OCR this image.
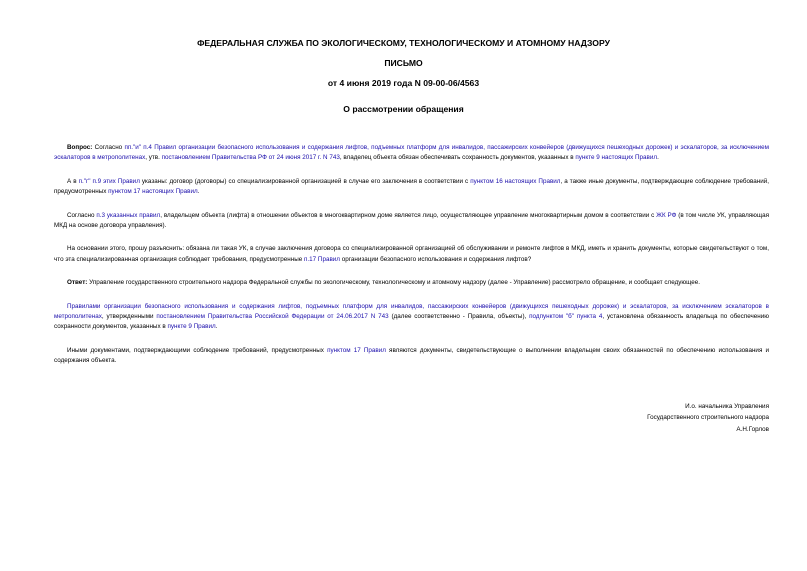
ФЕДЕРАЛЬНАЯ СЛУЖБА ПО ЭКОЛОГИЧЕСКОМУ, ТЕХНОЛОГИЧЕСКОМУ И АТОМНОМУ НАДЗОРУ

ПИСЬМО

от 4 июня 2019 года N 09-00-06/4563

О рассмотрении обращения

Вопрос: Согласно пп."и" п.4 Правил организации безопасного использования и содержания лифтов, подъемных платформ для инвалидов, пассажирских конвейеров (движущихся пешеходных дорожек) и эскалаторов, за исключением эскалаторов в метрополитенах, утв. постановлением Правительства РФ от 24 июня 2017 г. N 743, владелец объекта обязан обеспечивать сохранность документов, указанных в пункте 9 настоящих Правил.

А в п."г" п.9 этих Правил указаны: договор (договоры) со специализированной организацией в случае его заключения в соответствии с пунктом 16 настоящих Правил, а также иные документы, подтверждающие соблюдение требований, предусмотренных пунктом 17 настоящих Правил.

Согласно п.3 указанных правил, владельцем объекта (лифта) в отношении объектов в многоквартирном доме является лицо, осуществляющее управление многоквартирным домом в соответствии с ЖК РФ (в том числе УК, управляющая МКД на основе договора управления).

На основании этого, прошу разъяснить: обязана ли такая УК, в случае заключения договора со специализированной организацией об обслуживании и ремонте лифтов в МКД, иметь и хранить документы, которые свидетельствуют о том, что эта специализированная организация соблюдает требования, предусмотренные п.17 Правил организации безопасного использования и содержания лифтов?

Ответ: Управление государственного строительного надзора Федеральной службы по экологическому, технологическому и атомному надзору (далее - Управление) рассмотрело обращение, и сообщает следующее.

Правилами организации безопасного использования и содержания лифтов, подъемных платформ для инвалидов, пассажирских конвейеров (движущихся пешеходных дорожек) и эскалаторов, за исключением эскалаторов в метрополитенах, утвержденными постановлением Правительства Российской Федерации от 24.06.2017 N 743 (далее соответственно - Правила, объекты), подпунктом "б" пункта 4, установлена обязанность владельца по обеспечению сохранности документов, указанных в пункте 9 Правил.

Иными документами, подтверждающими соблюдение требований, предусмотренных пунктом 17 Правил являются документы, свидетельствующие о выполнении владельцем своих обязанностей по обеспечению использования и содержания объекта.

И.о. начальника Управления
Государственного строительного надзора
А.Н.Горлов
